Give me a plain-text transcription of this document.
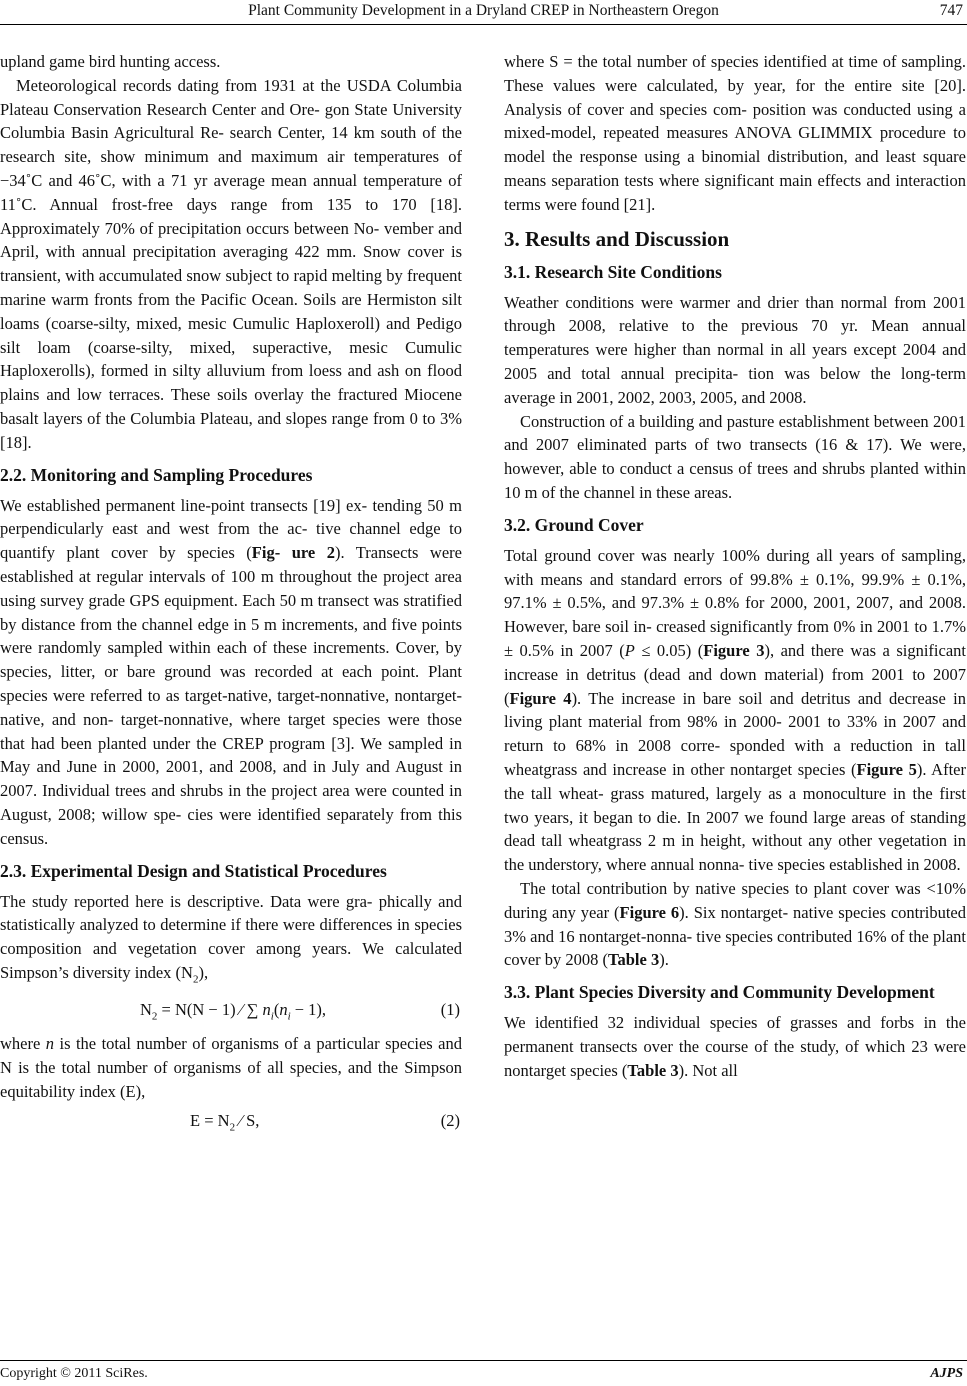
Plant Community Development in a Dryland CREP in Northeastern Oregon	747

upland game bird hunting access.

Meteorological records dating from 1931 at the USDA Columbia Plateau Conservation Research Center and Ore- gon State University Columbia Basin Agricultural Re- search Center, 14 km south of the research site, show minimum and maximum air temperatures of −34˚C and 46˚C, with a 71 yr average mean annual temperature of 11˚C. Annual frost-free days range from 135 to 170 [18]. Approximately 70% of precipitation occurs between No- vember and April, with annual precipitation averaging 422 mm. Snow cover is transient, with accumulated snow subject to rapid melting by frequent marine warm fronts from the Pacific Ocean. Soils are Hermiston silt loams (coarse-silty, mixed, mesic Cumulic Haploxeroll) and Pedigo silt loam (coarse-silty, mixed, superactive, mesic Cumulic Haploxerolls), formed in silty alluvium from loess and ash on flood plains and low terraces. These soils overlay the fractured Miocene basalt layers of the Columbia Plateau, and slopes range from 0 to 3% [18].

2.2. Monitoring and Sampling Procedures

We established permanent line-point transects [19] ex- tending 50 m perpendicularly east and west from the ac- tive channel edge to quantify plant cover by species (Fig- ure 2). Transects were established at regular intervals of 100 m throughout the project area using survey grade GPS equipment. Each 50 m transect was stratified by distance from the channel edge in 5 m increments, and five points were randomly sampled within each of these increments. Cover, by species, litter, or bare ground was recorded at each point. Plant species were referred to as target-native, target-nonnative, nontarget-native, and non- target-nonnative, where target species were those that had been planted under the CREP program [3]. We sampled in May and June in 2000, 2001, and 2008, and in July and August in 2007. Individual trees and shrubs in the project area were counted in August, 2008; willow spe- cies were identified separately from this census.

2.3. Experimental Design and Statistical Procedures

The study reported here is descriptive. Data were gra- phically and statistically analyzed to determine if there were differences in species composition and vegetation cover among years. We calculated Simpson’s diversity index $(N_2)$,

$N_2 = N(N - 1)$ ⁄ ∑ $n_i(n_i - 1)$,	(1)

where n is the total number of organisms of a particular species and N is the total number of organisms of all species, and the Simpson equitability index (E),

$E = N_2$ ⁄ S,	(2)

where S = the total number of species identified at time of sampling. These values were calculated, by year, for the entire site [20]. Analysis of cover and species com- position was conducted using a mixed-model, repeated measures ANOVA GLIMMIX procedure to model the response using a binomial distribution, and least square means separation tests where significant main effects and interaction terms were found [21].

3. Results and Discussion
3.1. Research Site Conditions

Weather conditions were warmer and drier than normal from 2001 through 2008, relative to the previous 70 yr. Mean annual temperatures were higher than normal in all years except 2004 and 2005 and total annual precipita- tion was below the long-term average in 2001, 2002, 2003, 2005, and 2008.

Construction of a building and pasture establishment between 2001 and 2007 eliminated parts of two transects (16 & 17). We were, however, able to conduct a census of trees and shrubs planted within 10 m of the channel in these areas.

3.2. Ground Cover

Total ground cover was nearly 100% during all years of sampling, with means and standard errors of 99.8% ± 0.1%, 99.9% ± 0.1%, 97.1% ± 0.5%, and 97.3% ± 0.8% for 2000, 2001, 2007, and 2008. However, bare soil in- creased significantly from 0% in 2001 to 1.7% ± 0.5% in 2007 (P ≤ 0.05) (Figure 3), and there was a significant increase in detritus (dead and down material) from 2001 to 2007 (Figure 4). The increase in bare soil and detritus and decrease in living plant material from 98% in 2000- 2001 to 33% in 2007 and return to 68% in 2008 corre- sponded with a reduction in tall wheatgrass and increase in other nontarget species (Figure 5). After the tall wheat- grass matured, largely as a monoculture in the first two years, it began to die. In 2007 we found large areas of standing dead tall wheatgrass 2 m in height, without any other vegetation in the understory, where annual nonna- tive species established in 2008.

The total contribution by native species to plant cover was <10% during any year (Figure 6). Six nontarget- native species contributed 3% and 16 nontarget-nonna- tive species contributed 16% of the plant cover by 2008 (Table 3).

3.3. Plant Species Diversity and Community Development

We identified 32 individual species of grasses and forbs in the permanent transects over the course of the study, of which 23 were nontarget species (Table 3). Not all

Copyright © 2011 SciRes.	AJPS
